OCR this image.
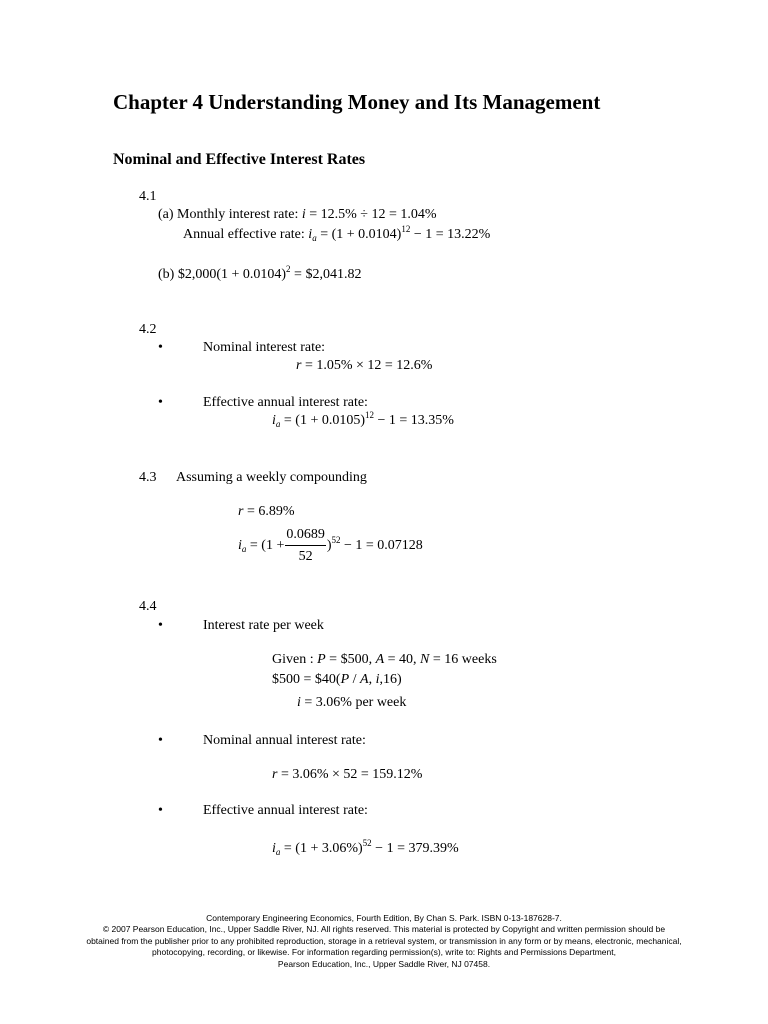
Chapter 4 Understanding Money and Its Management
Nominal and Effective Interest Rates
4.1
(a) Monthly interest rate: i = 12.5% ÷ 12 = 1.04%
Annual effective rate: $i_a = (1 + 0.0104)^{12} - 1 = 13.22\%$
(b) $2,000(1 + 0.0104)$^2$ = $2,041.82
4.2
•	Nominal interest rate:
r = 1.05% × 12 = 12.6%
•	Effective annual interest rate:
$i_a = (1 + 0.0105)^{12} - 1 = 13.35\%$
4.3 Assuming a weekly compounding
r = 6.89%
$i_a = (1 + \frac{0.0689}{52} )^{52} - 1 = 0.07128$
4.4
•	Interest rate per week
Given : P = $500, A = 40, N = 16 weeks
$500 = $40(P / A, i,16)
i = 3.06% per week
•	Nominal annual interest rate:
r = 3.06% × 52 = 159.12%
•	Effective annual interest rate:
$i_a = (1 + 3.06\%)^{52} - 1 = 379.39\%$
Contemporary Engineering Economics, Fourth Edition, By Chan S. Park. ISBN 0-13-187628-7.
© 2007 Pearson Education, Inc., Upper Saddle River, NJ. All rights reserved. This material is protected by Copyright and written permission should be
obtained from the publisher prior to any prohibited reproduction, storage in a retrieval system, or transmission in any form or by means, electronic, mechanical,
photocopying, recording, or likewise. For information regarding permission(s), write to: Rights and Permissions Department,
Pearson Education, Inc., Upper Saddle River, NJ 07458.
